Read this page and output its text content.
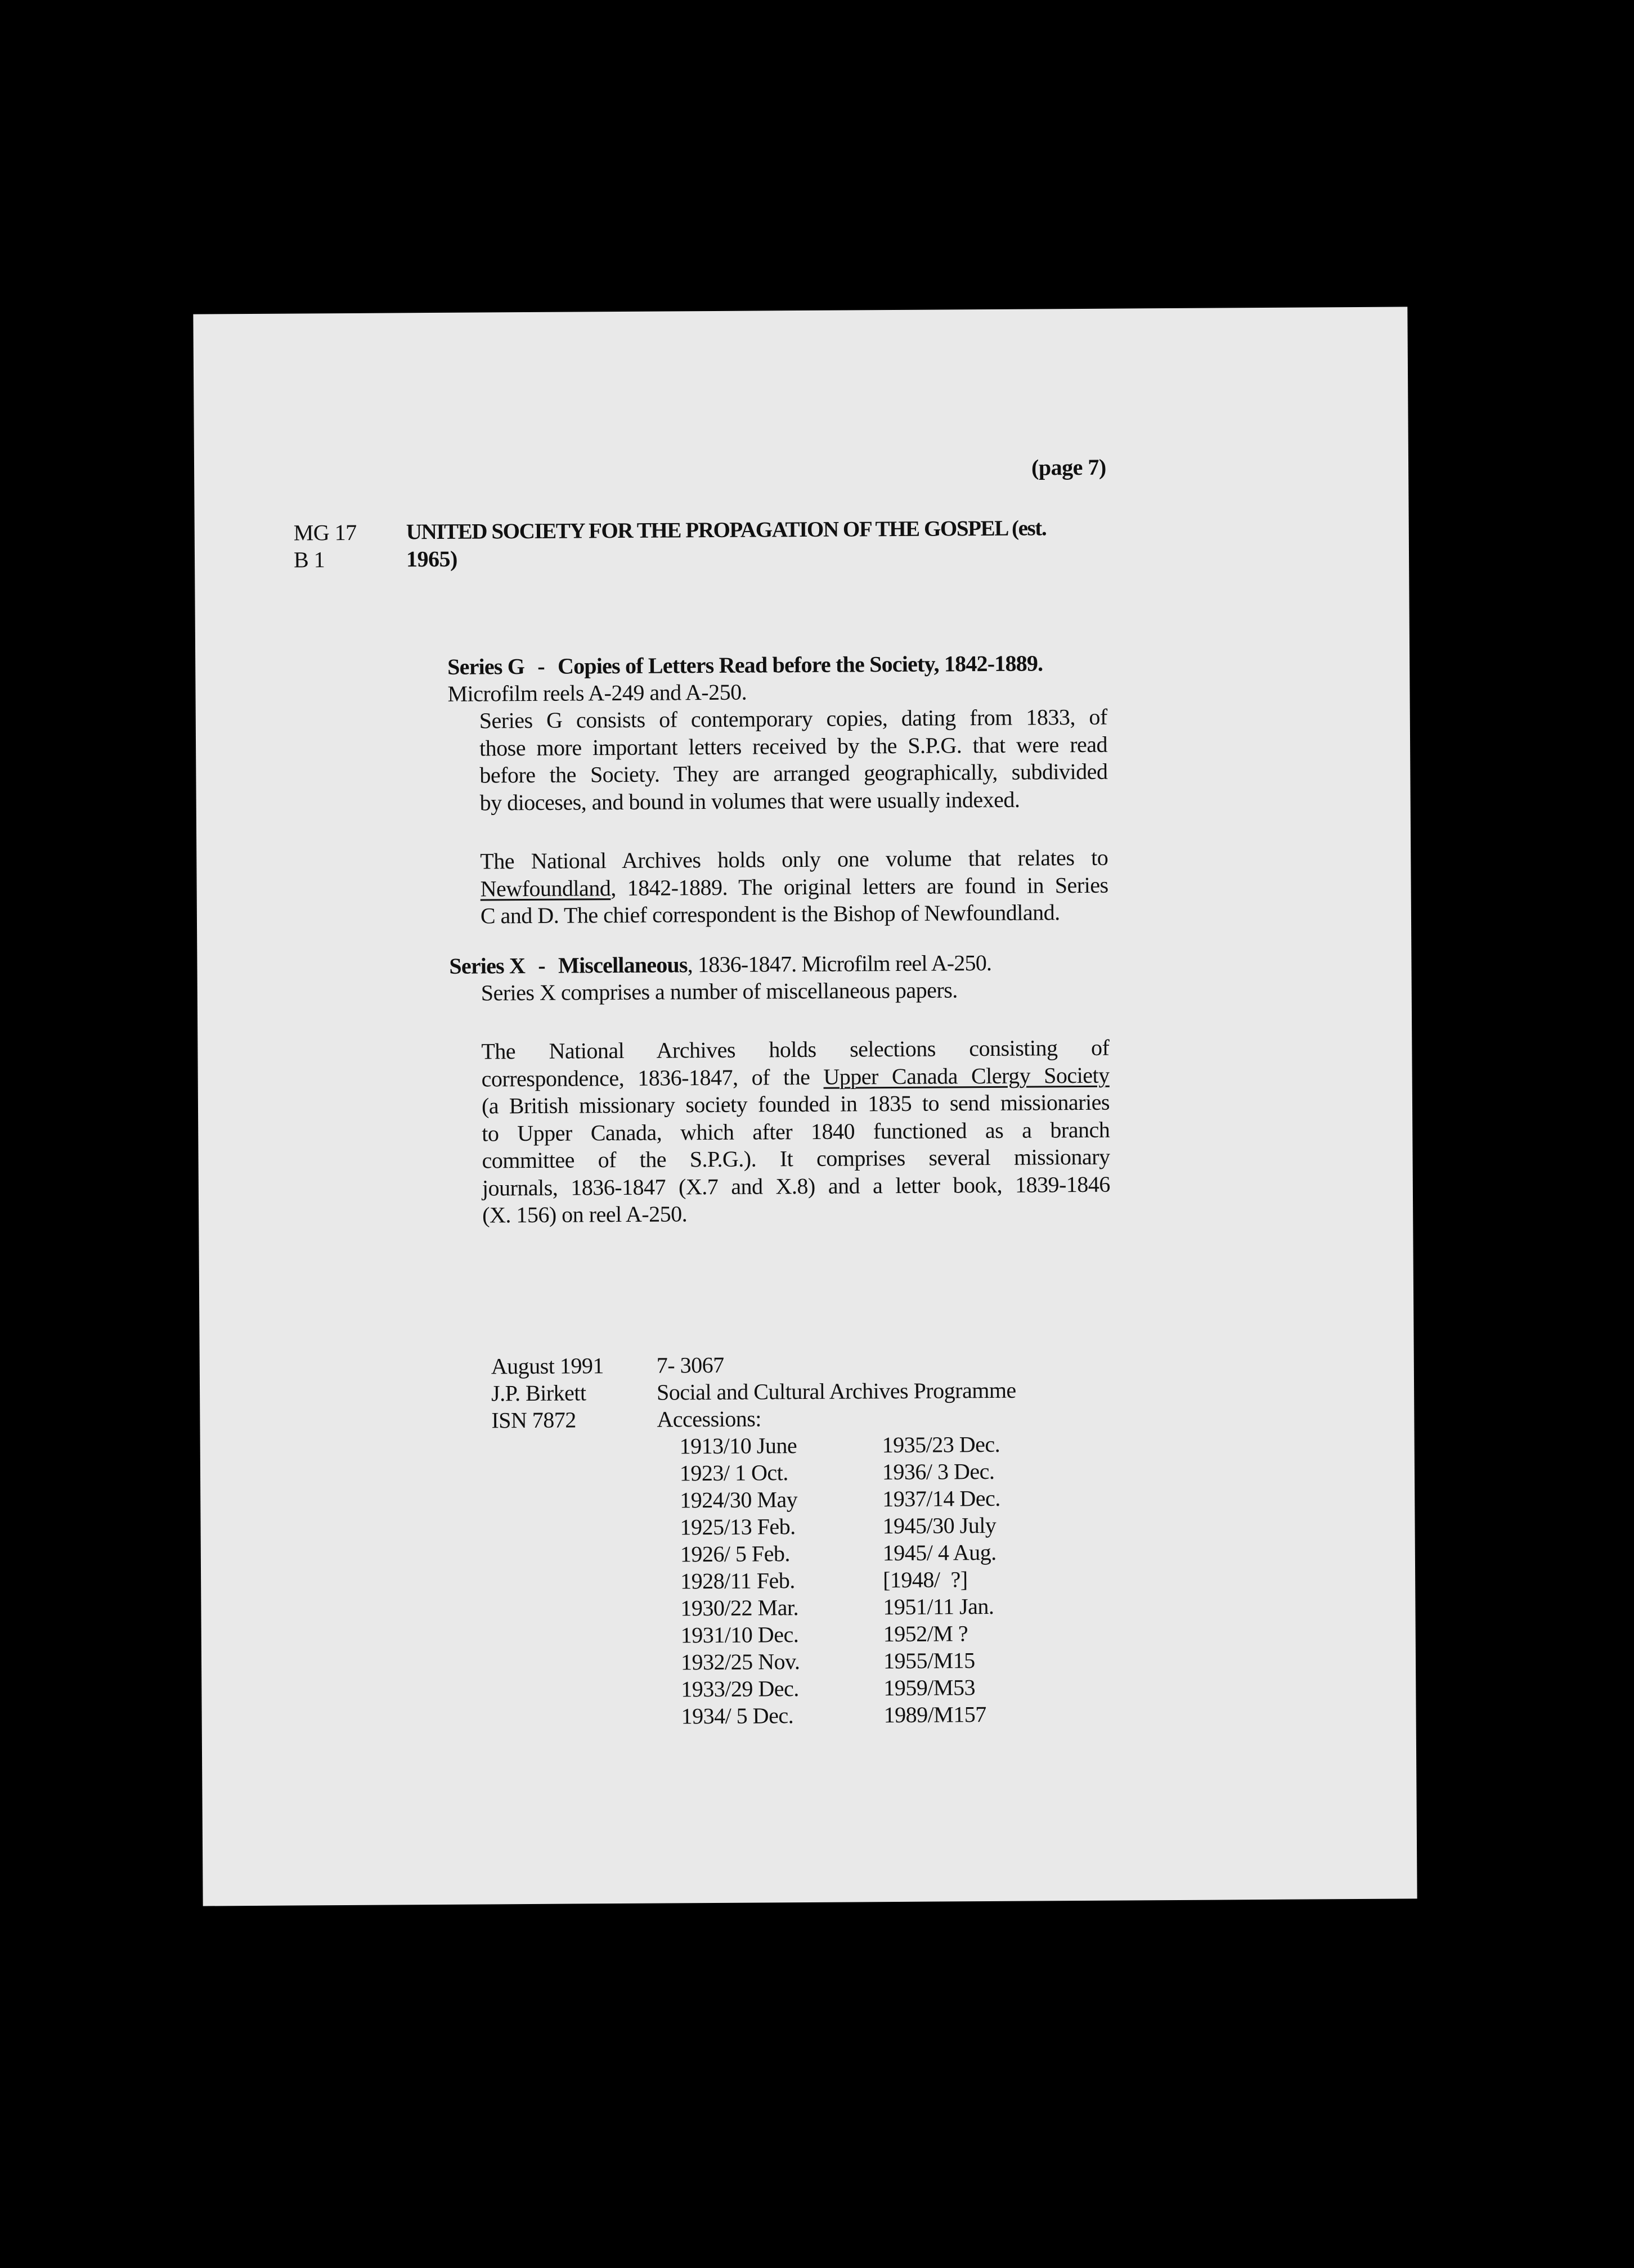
(page 7)
MG 17
B 1
UNITED SOCIETY FOR THE PROPAGATION OF THE GOSPEL (est.
1965)
Series G - Copies of Letters Read before the Society, 1842-1889.
Microfilm reels A-249 and A-250.
Series G consists of contemporary copies, dating from 1833, of
those more important letters received by the S.P.G. that were read
before the Society. They are arranged geographically, subdivided
by dioceses, and bound in volumes that were usually indexed.
The National Archives holds only one volume that relates to
Newfoundland, 1842-1889. The original letters are found in Series
C and D. The chief correspondent is the Bishop of Newfoundland.
Series X - Miscellaneous, 1836-1847. Microfilm reel A-250.
Series X comprises a number of miscellaneous papers.
The National Archives holds selections consisting of
correspondence, 1836-1847, of the Upper Canada Clergy Society
(a British missionary society founded in 1835 to send missionaries
to Upper Canada, which after 1840 functioned as a branch
committee of the S.P.G.). It comprises several missionary
journals, 1836-1847 (X.7 and X.8) and a letter book, 1839-1846
(X. 156) on reel A-250.
August 1991
J.P. Birkett
ISN 7872
7- 3067
Social and Cultural Archives Programme
Accessions:
1913/10 June
1923/ 1 Oct.
1924/30 May
1925/13 Feb.
1926/ 5 Feb.
1928/11 Feb.
1930/22 Mar.
1931/10 Dec.
1932/25 Nov.
1933/29 Dec.
1934/ 5 Dec.
1935/23 Dec.
1936/ 3 Dec.
1937/14 Dec.
1945/30 July
1945/ 4 Aug.
[1948/  ?]
1951/11 Jan.
1952/M ?
1955/M15
1959/M53
1989/M157
